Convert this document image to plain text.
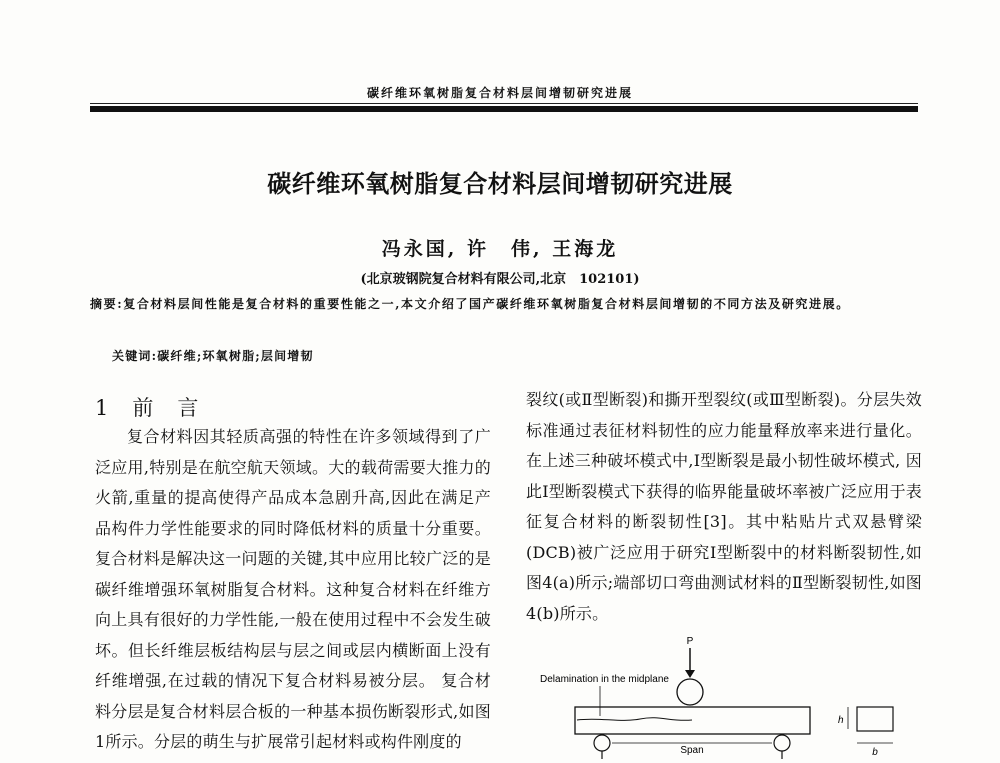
碳纤维环氧树脂复合材料层间增韧研究进展
碳纤维环氧树脂复合材料层间增韧研究进展
冯永国, 许　伟, 王海龙
(北京玻钢院复合材料有限公司,北京　102101)
摘要:复合材料层间性能是复合材料的重要性能之一,本文介绍了国产碳纤维环氧树脂复合材料层间增韧的不同方法及研究进展。
关键词:碳纤维;环氧树脂;层间增韧
1 前 言
复合材料因其轻质高强的特性在许多领域得到了广泛应用,特别是在航空航天领域。大的载荷需要大推力的火箭,重量的提高使得产品成本急剧升高,因此在满足产品构件力学性能要求的同时降低材料的质量十分重要。复合材料是解决这一问题的关键,其中应用比较广泛的是碳纤维增强环氧树脂复合材料。这种复合材料在纤维方向上具有很好的力学性能,一般在使用过程中不会发生破坏。但长纤维层板结构层与层之间或层内横断面上没有纤维增强,在过载的情况下复合材料易被分层。 复合材料分层是复合材料层合板的一种基本损伤断裂形式,如图1所示。分层的萌生与扩展常引起材料或构件刚度的
裂纹(或Ⅱ型断裂)和撕开型裂纹(或Ⅲ型断裂)。分层失效标准通过表征材料韧性的应力能量释放率来进行量化。在上述三种破坏模式中,Ⅰ型断裂是最小韧性破坏模式, 因此Ⅰ型断裂模式下获得的临界能量破坏率被广泛应用于表征复合材料的断裂韧性[3]。其中粘贴片式双悬臂梁(DCB)被广泛应用于研究Ⅰ型断裂中的材料断裂韧性,如图4(a)所示;端部切口弯曲测试材料的Ⅱ型断裂韧性,如图4(b)所示。
P
Delamination in the midplane
Span
h
b
